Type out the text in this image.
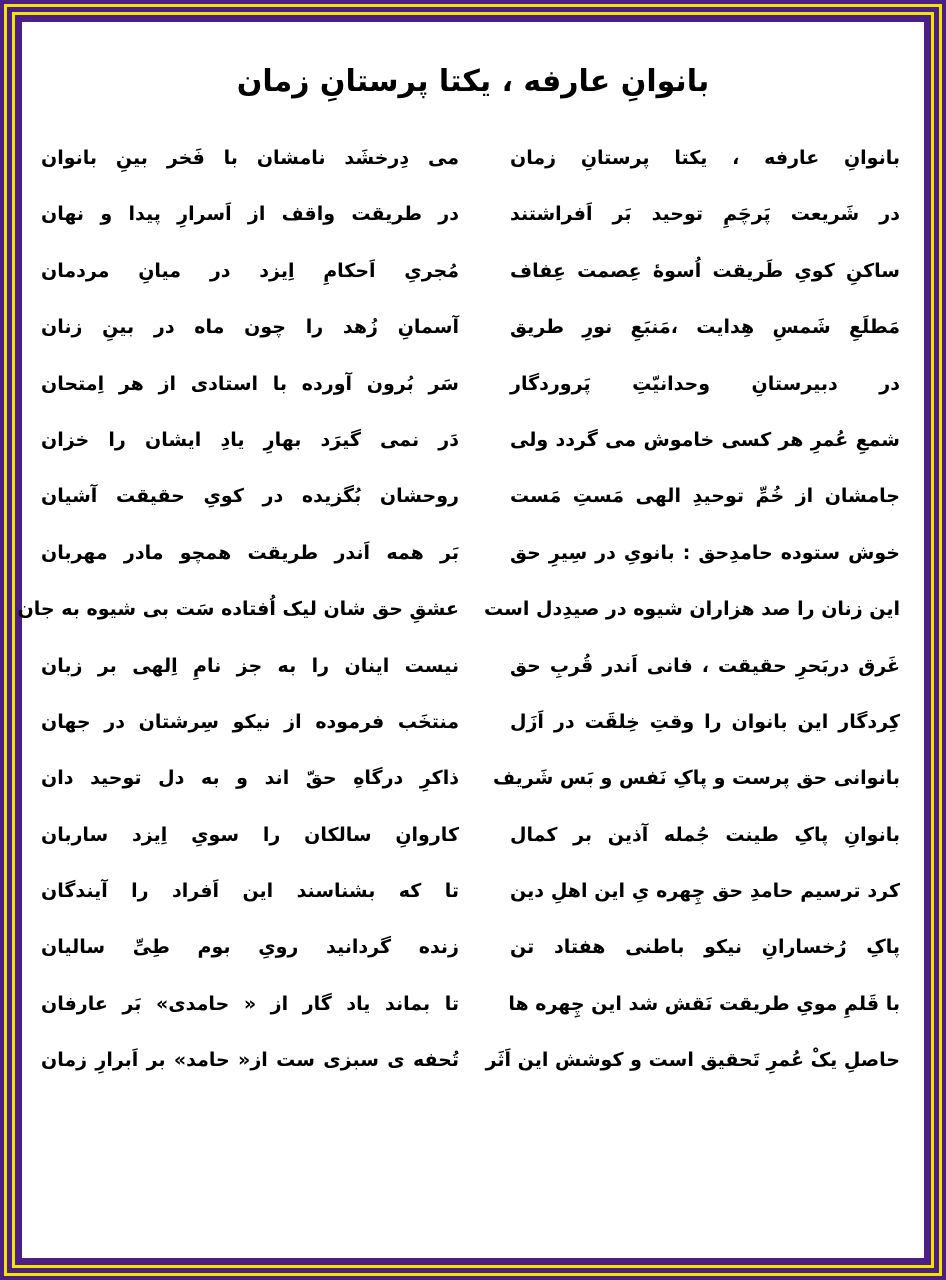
بانوانِ عارفه ، یکتا پرستانِ زمان
بانوانِ عارفه ، یکتا پرستانِ زمان
در شَریعت پَرچَمِ توحید بَر اَفراشتند
ساکنِ کویِ طَریقت اُسوهٔ عِصمت عِفاف
مَطلَعِ شَمسِ هِدایت ،مَنبَعِ نورِ طریق
در دبیرستانِ وحدانیّتِ پَروردگار
شمعِ عُمرِ هر کسی خاموش می گردد ولی
جامشان از خُمِّ توحیدِ الهی مَستِ مَست
خوش ستوده حامدِحق : بانویِ در سِیرِ حق
این زنان را صد هزاران شیوه در صیدِدل است
غَرق دربَحرِ حقیقت ، فانی اَندر قُربِ حق
کِردگار این بانوان را وقتِ خِلقَت در اَزَل
بانوانی حق پرست و پاکِ نَفس و بَس شَریف
بانوانِ پاکِ طینت جُمله آذین بر کمال
کرد ترسیم حامدِ حق چِهره یِ این اهلِ دین
پاکِ رُخسارانِ نیکو باطنی هفتاد تن
با قَلمِ مویِ طریقت نَقش شد این چِهره ها
حاصلِ یکْ عُمرِ تَحقیق است و کوشش این اَثَر
می دِرخشَد نامشان با فَخر بینِ بانوان
در طریقت واقف از اَسرارِ پیدا و نهان
مُجریِ اَحکامِ اِیزد در میانِ مردمان
آسمانِ زُهد را چون ماه در بینِ زنان
سَر بُرون آورده با استادی از هر اِمتحان
دَر نمی گیرَد بهارِ یادِ ایشان را خزان
روحشان بُگزیده در کویِ حقیقت آشیان
بَر همه اَندر طریقت همچو مادر مهربان
عشقِ حق شان لیک اُفتاده سَت بی شیوه به جان
نیست اینان را به جز نامِ اِلهی بر زبان
منتخَب فرموده از نیکو سِرشتان در جهان
ذاکرِ درگاهِ حقّ اند و به دل توحید دان
کاروانِ سالکان را سویِ اِیزد ساربان
تا که بشناسند این اَفراد را آیندگان
زنده گردانید رویِ بوم طِیِّ سالیان
تا بماند یاد گار از « حامدی» بَر عارفان
تُحفه ی سبزی ست از« حامد» بر اَبرارِ زمان
